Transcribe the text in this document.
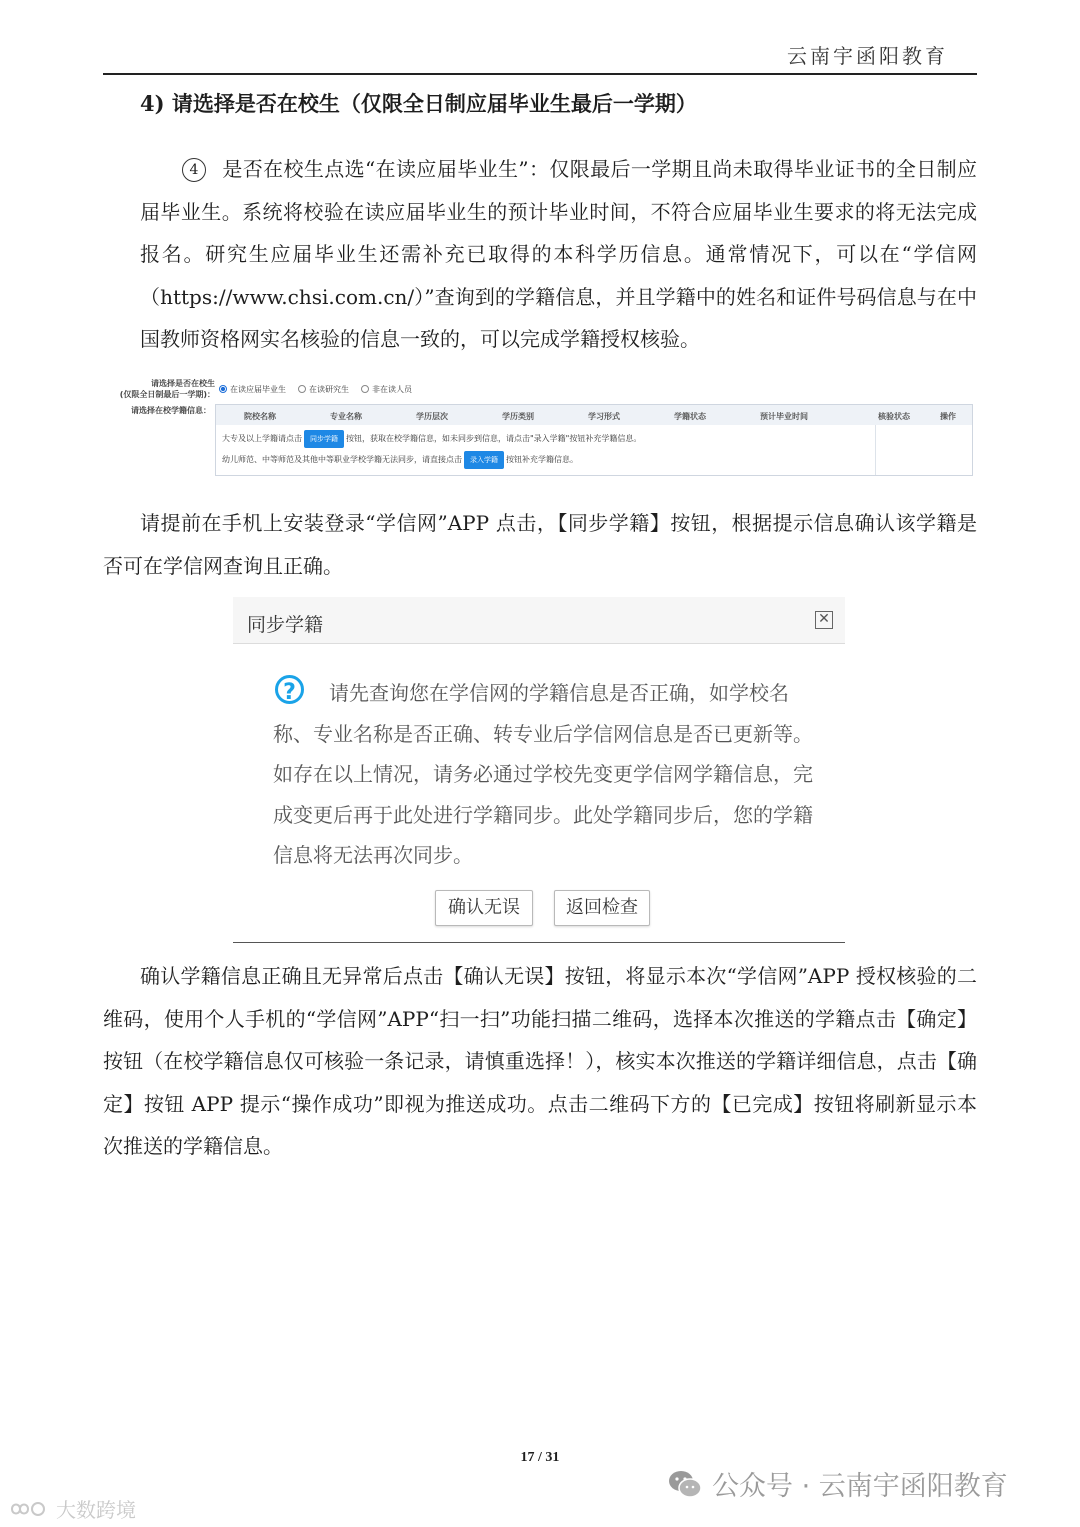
云南宇函阳教育
4) 请选择是否在校生（仅限全日制应届毕业生最后一学期）
4 是否在校生点选“在读应届毕业生”：仅限最后一学期且尚未取得毕业证书的全日制应届毕业生。系统将校验在读应届毕业生的预计毕业时间，不符合应届毕业生要求的将无法完成报名。研究生应届毕业生还需补充已取得的本科学历信息。通常情况下，可以在“学信网（https://www.chsi.com.cn/）”查询到的学籍信息，并且学籍中的姓名和证件号码信息与在中国教师资格网实名核验的信息一致的，可以完成学籍授权核验。
请选择是否在校生
(仅限全日制最后一学期)：
在读应届毕业生	在读研究生	非在读人员
请选择在校学籍信息：
院校名称	专业名称	学历层次	学历类别	学习形式	学籍状态	预计毕业时间	核验状态	操作
大专及以上学籍请点击 同步学籍 按钮，获取在校学籍信息，如未同步到信息，请点击"录入学籍"按钮补充学籍信息。
幼儿师范、中等师范及其他中等职业学校学籍无法同步，请直接点击 录入学籍 按钮补充学籍信息。
请提前在手机上安装登录“学信网”APP 点击，【同步学籍】按钮，根据提示信息确认该学籍是否可在学信网查询且正确。
同步学籍	✕
请先查询您在学信网的学籍信息是否正确，如学校名称、专业名称是否正确、转专业后学信网信息是否已更新等。如存在以上情况，请务必通过学校先变更学信网学籍信息，完成变更后再于此处进行学籍同步。此处学籍同步后，您的学籍信息将无法再次同步。
?
确认无误	返回检查
确认学籍信息正确且无异常后点击【确认无误】按钮，将显示本次“学信网”APP 授权核验的二维码，使用个人手机的“学信网”APP“扫一扫”功能扫描二维码，选择本次推送的学籍点击【确定】按钮（在校学籍信息仅可核验一条记录，请慎重选择！），核实本次推送的学籍详细信息，点击【确定】按钮 APP 提示“操作成功”即视为推送成功。点击二维码下方的【已完成】按钮将刷新显示本次推送的学籍信息。
17 / 31
公众号 · 云南宇函阳教育
大数跨境
